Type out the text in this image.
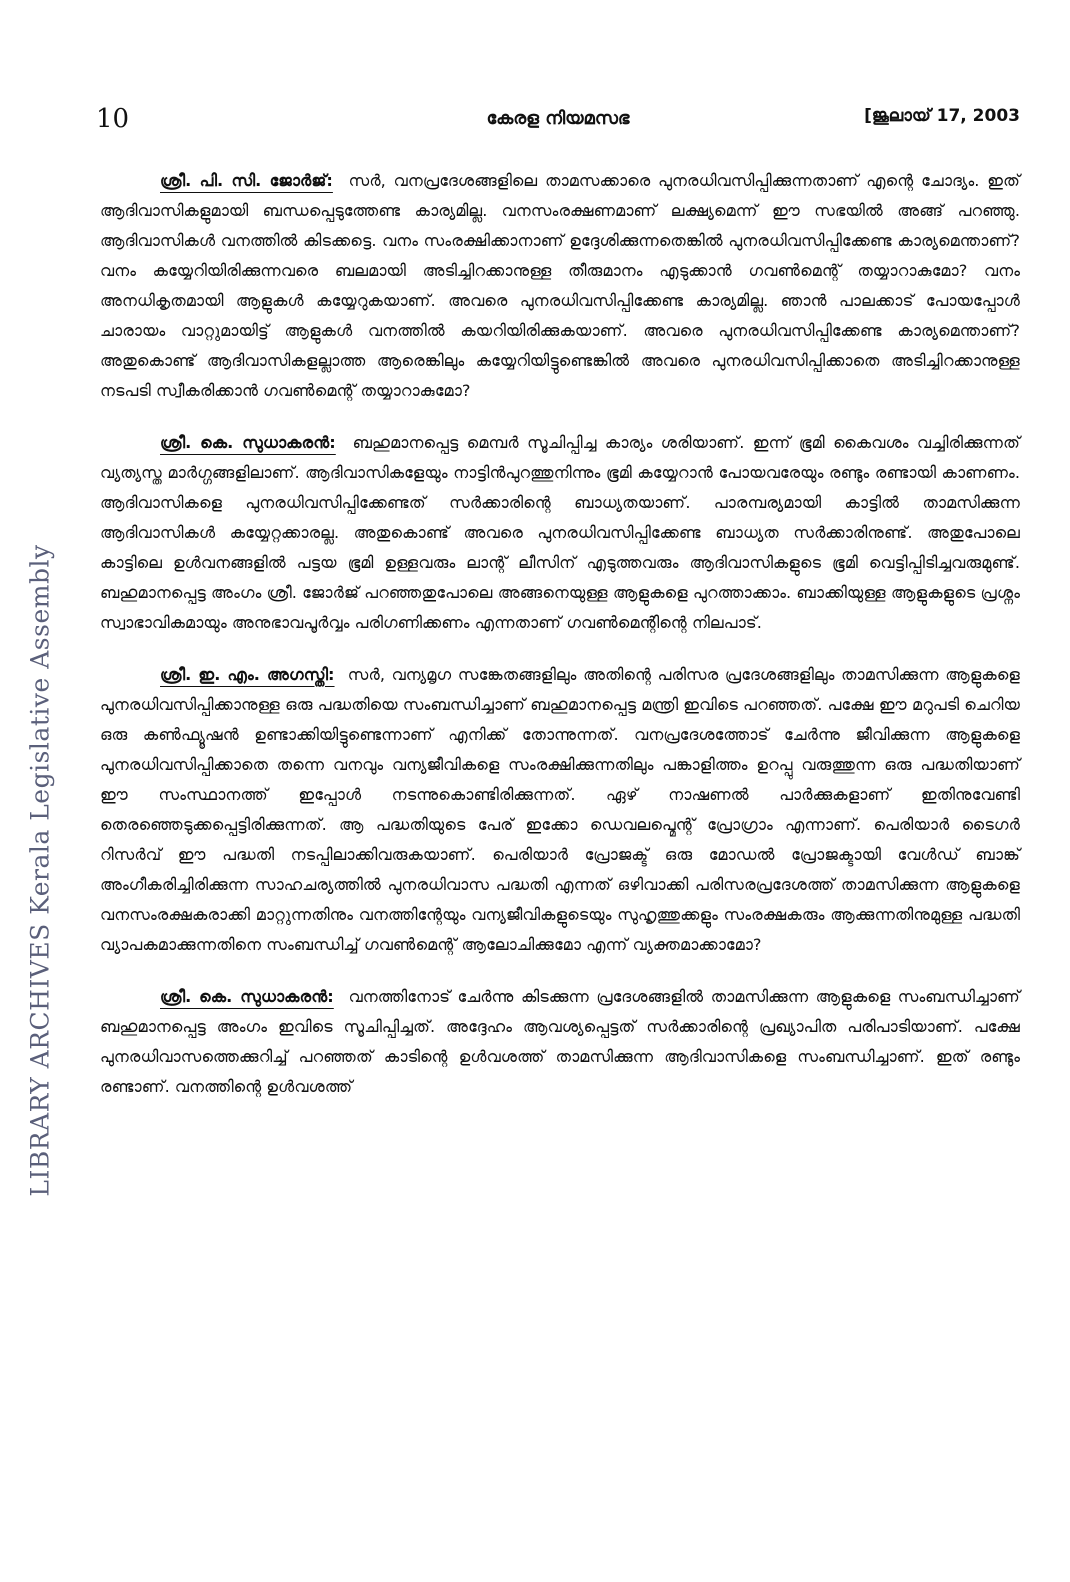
LIBRARY ARCHIVES Kerala Legislative Assembly
10	കേരള നിയമസഭ	[ജൂലായ് 17, 2003

ശ്രീ. പി. സി. ജോർജ്: സർ, വനപ്രദേശങ്ങളിലെ താമസക്കാരെ പുനരധിവസിപ്പിക്കുന്നതാണ് എന്റെ ചോദ്യം. ഇത് ആദിവാസികളുമായി ബന്ധപ്പെടുത്തേണ്ട കാര്യമില്ല. വനസംരക്ഷണമാണ് ലക്ഷ്യമെന്ന് ഈ സഭയിൽ അങ്ങ് പറഞ്ഞു. ആദിവാസികൾ വനത്തിൽ കിടക്കട്ടെ. വനം സംരക്ഷിക്കാനാണ് ഉദ്ദേശിക്കുന്നതെങ്കിൽ പുനരധിവസിപ്പിക്കേണ്ട കാര്യമെന്താണ്? വനം കയ്യേറിയിരിക്കുന്നവരെ ബലമായി അടിച്ചിറക്കാനുള്ള തീരുമാനം എടുക്കാൻ ഗവൺമെന്റ് തയ്യാറാകുമോ? വനം അനധികൃതമായി ആളുകൾ കയ്യേറുകയാണ്. അവരെ പുനരധിവസിപ്പിക്കേണ്ട കാര്യമില്ല. ഞാൻ പാലക്കാട് പോയപ്പോൾ ചാരായം വാറ്റുമായിട്ട് ആളുകൾ വനത്തിൽ കയറിയിരിക്കുകയാണ്. അവരെ പുനരധിവസിപ്പിക്കേണ്ട കാര്യമെന്താണ്? അതുകൊണ്ട് ആദിവാസികളല്ലാത്ത ആരെങ്കിലും കയ്യേറിയിട്ടുണ്ടെങ്കിൽ അവരെ പുനരധിവസിപ്പിക്കാതെ അടിച്ചിറക്കാനുള്ള നടപടി സ്വീകരിക്കാൻ ഗവൺമെന്റ് തയ്യാറാകുമോ?

ശ്രീ. കെ. സുധാകരൻ: ബഹുമാനപ്പെട്ട മെമ്പർ സൂചിപ്പിച്ച കാര്യം ശരിയാണ്. ഇന്ന് ഭൂമി കൈവശം വച്ചിരിക്കുന്നത് വ്യത്യസ്ത മാർഗ്ഗങ്ങളിലാണ്. ആദിവാസികളേയും നാട്ടിൻപുറത്തുനിന്നും ഭൂമി കയ്യേറാൻ പോയവരേയും രണ്ടും രണ്ടായി കാണണം. ആദിവാസികളെ പുനരധിവസിപ്പിക്കേണ്ടത് സർക്കാരിന്റെ ബാധ്യതയാണ്. പാരമ്പര്യമായി കാട്ടിൽ താമസിക്കുന്ന ആദിവാസികൾ കയ്യേറ്റക്കാരല്ല. അതുകൊണ്ട് അവരെ പുനരധിവസിപ്പിക്കേണ്ട ബാധ്യത സർക്കാരിനുണ്ട്. അതുപോലെ കാട്ടിലെ ഉൾവനങ്ങളിൽ പട്ടയ ഭൂമി ഉള്ളവരും ലാന്റ് ലീസിന് എടുത്തവരും ആദിവാസികളുടെ ഭൂമി വെട്ടിപ്പിടിച്ചവരുമുണ്ട്. ബഹുമാനപ്പെട്ട അംഗം ശ്രീ. ജോർജ് പറഞ്ഞതുപോലെ അങ്ങനെയുള്ള ആളുകളെ പുറത്താക്കാം. ബാക്കിയുള്ള ആളുകളുടെ പ്രശ്നം സ്വാഭാവികമായും അനുഭാവപൂർവ്വം പരിഗണിക്കണം എന്നതാണ് ഗവൺമെന്റിന്റെ നിലപാട്.

ശ്രീ. ഇ. എം. അഗസ്തി: സർ, വന്യമൃഗ സങ്കേതങ്ങളിലും അതിന്റെ പരിസര പ്രദേശങ്ങളിലും താമസിക്കുന്ന ആളുകളെ പുനരധിവസിപ്പിക്കാനുള്ള ഒരു പദ്ധതിയെ സംബന്ധിച്ചാണ് ബഹുമാനപ്പെട്ട മന്ത്രി ഇവിടെ പറഞ്ഞത്. പക്ഷേ ഈ മറുപടി ചെറിയ ഒരു കൺഫ്യൂഷൻ ഉണ്ടാക്കിയിട്ടുണ്ടെന്നാണ് എനിക്ക് തോന്നുന്നത്. വനപ്രദേശത്തോട് ചേർന്നു ജീവിക്കുന്ന ആളുകളെ പുനരധിവസിപ്പിക്കാതെ തന്നെ വനവും വന്യജീവികളെ സംരക്ഷിക്കുന്നതിലും പങ്കാളിത്തം ഉറപ്പു വരുത്തുന്ന ഒരു പദ്ധതിയാണ് ഈ സംസ്ഥാനത്ത് ഇപ്പോൾ നടന്നുകൊണ്ടിരിക്കുന്നത്. ഏഴ് നാഷണൽ പാർക്കുകളാണ് ഇതിനുവേണ്ടി തെരഞ്ഞെടുക്കപ്പെട്ടിരിക്കുന്നത്. ആ പദ്ധതിയുടെ പേര് ഇക്കോ ഡെവലപ്മെന്റ് പ്രോഗ്രാം എന്നാണ്. പെരിയാർ ടൈഗർ റിസർവ് ഈ പദ്ധതി നടപ്പിലാക്കിവരുകയാണ്. പെരിയാർ പ്രോജക്ട് ഒരു മോഡൽ പ്രോജക്ടായി വേൾഡ് ബാങ്ക് അംഗീകരിച്ചിരിക്കുന്ന സാഹചര്യത്തിൽ പുനരധിവാസ പദ്ധതി എന്നത് ഒഴിവാക്കി പരിസരപ്രദേശത്ത് താമസിക്കുന്ന ആളുകളെ വനസംരക്ഷകരാക്കി മാറ്റുന്നതിനും വനത്തിന്റേയും വന്യജീവികളുടെയും സുഹൃത്തുക്കളും സംരക്ഷകരും ആക്കുന്നതിനുമുള്ള പദ്ധതി വ്യാപകമാക്കുന്നതിനെ സംബന്ധിച്ച് ഗവൺമെന്റ് ആലോചിക്കുമോ എന്ന് വ്യക്തമാക്കാമോ?

ശ്രീ. കെ. സുധാകരൻ: വനത്തിനോട് ചേർന്നു കിടക്കുന്ന പ്രദേശങ്ങളിൽ താമസിക്കുന്ന ആളുകളെ സംബന്ധിച്ചാണ് ബഹുമാനപ്പെട്ട അംഗം ഇവിടെ സൂചിപ്പിച്ചത്. അദ്ദേഹം ആവശ്യപ്പെട്ടത് സർക്കാരിന്റെ പ്രഖ്യാപിത പരിപാടിയാണ്. പക്ഷേ പുനരധിവാസത്തെക്കുറിച്ച് പറഞ്ഞത് കാടിന്റെ ഉൾവശത്ത് താമസിക്കുന്ന ആദിവാസികളെ സംബന്ധിച്ചാണ്. ഇത് രണ്ടും രണ്ടാണ്. വനത്തിന്റെ ഉൾവശത്ത്
